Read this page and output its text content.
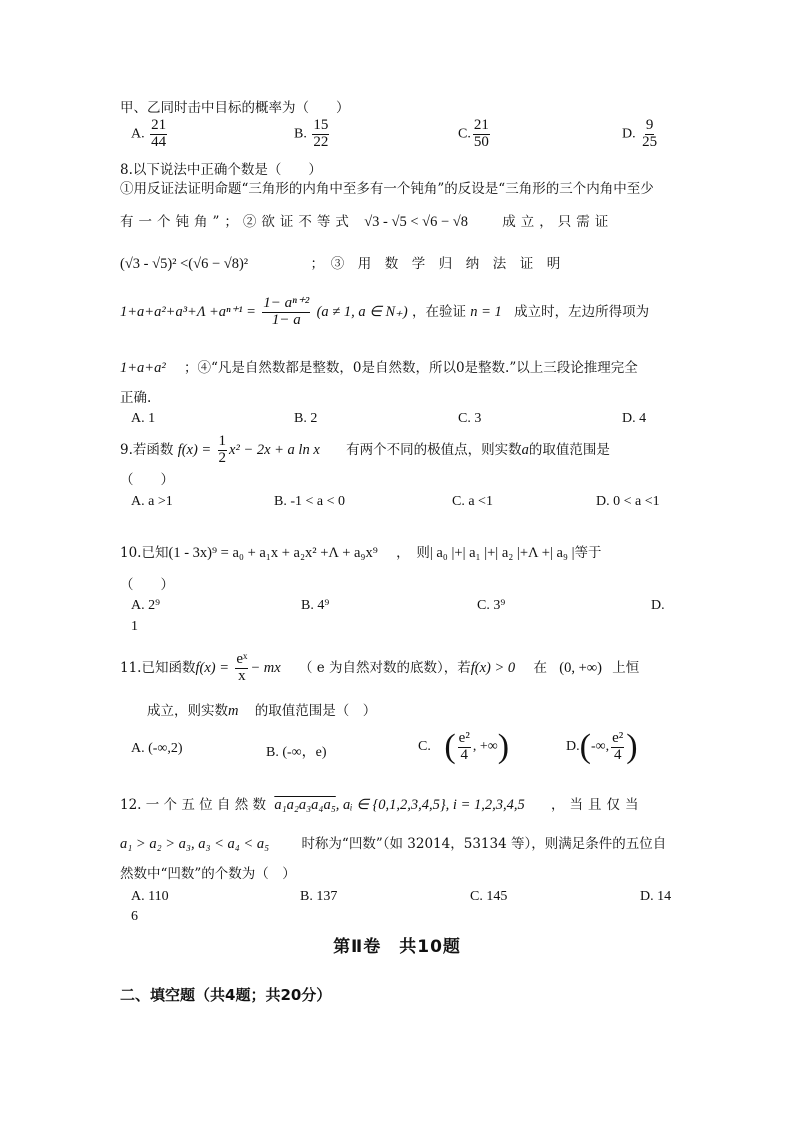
甲、乙同时击中目标的概率为（　　）
A. $\frac{21}{44}$	B. $\frac{15}{22}$	C. $\frac{21}{50}$	D. $\frac{9}{25}$
8.以下说法中正确个数是（　　）
①用反证法证明命题“三角形的内角中至多有一个钝角”的反设是“三角形的三个内角中至少
有一个钝角”；②欲证不等式 √3 - √5 < √6 − √8	成立，只需证
(√3 - √5)² <(√6 − √8)²	；　③　用　数　学　归　纳　法　证　明
$1+a+a^2+a^3+\Lambda +a^{n+1} = \frac{\text{1− aⁿ⁺²}}{1- a} (a \ne 1$, a ∈ N₊) ，在验证 n = 1 成立时，左边所得项为
1+a+a² ；④“凡是自然数都是整数，0是自然数，所以0是整数.”以上三段论推理完全
正确.
A. 1	B. 2	C. 3	D. 4
9.若函数 $f(x) = \frac{1}{2} x^2 - 2x + a$ ln x 有两个不同的极值点，则实数a的取值范围是
（　　）
A. a >1	B. -1 < a < 0	C. a <1	D. 0 < a <1
10.已知(1 - 3x)⁹ = a₀ + a₁x + a₂x² +Λ + a₉x⁹ ，　则| a₀ |+| a₁ |+| a₂ |+Λ +| a₉ |等于
（　　）
A. 2⁹	B. 4⁹	C. 3⁹	D.
1
11.已知函数$f(x) = \frac{\text{eˣ}}{x}$ − mx （ e 为自然对数的底数），若f(x) > 0 在 (0, +∞) 上恒
成立，则实数m 的取值范围是（　）
A. (-∞,2)	B. (-∞，e)	C. ( $\frac{\text{e²}}{4}$ , +∞)	D.(-∞, $\frac{\text{e²}}{4}$ )
12. 一 个 五 位 自 然 数 a₁a₂a₃a₄a₅, aᵢ ∈ {0,1,2,3,4,5}, i = 1,2,3,4,5 ，当且仅当
a₁ > a₂ > a₃, a₃ < a₄ < a₅ 时称为“凹数”（如 32014，53134 等），则满足条件的五位自
然数中“凹数”的个数为（　）
A. 110	B. 137	C. 145	D. 14
6
第Ⅱ卷　共10题
二、填空题（共4题；共20分）
